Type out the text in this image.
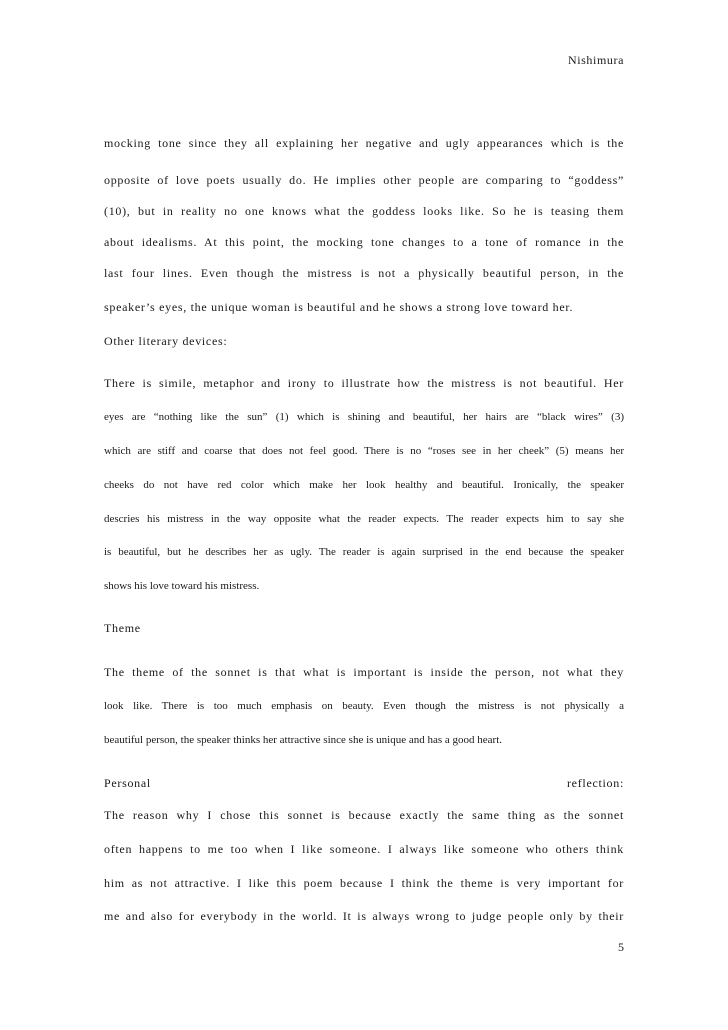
Nishimura
mocking tone since they all explaining her negative and ugly appearances which is the
opposite of love poets usually do. He implies other people are comparing to “goddess”
(10), but in reality no one knows what the goddess looks like. So he is teasing them
about idealisms. At this point, the mocking tone changes to a tone of romance in the
last four lines. Even though the mistress is not a physically beautiful person, in the
speaker’s eyes, the unique woman is beautiful and he shows a strong love toward her.
Other literary devices:
There is simile, metaphor and irony to illustrate how the mistress is not beautiful. Her
eyes are “nothing like the sun” (1) which is shining and beautiful, her hairs are “black wires” (3)
which are stiff and coarse that does not feel good. There is no “roses see in her cheek” (5) means her
cheeks do not have red color which make her look healthy and beautiful. Ironically, the speaker
descries his mistress in the way opposite what the reader expects. The reader expects him to say she
is beautiful, but he describes her as ugly. The reader is again surprised in the end because the speaker
shows his love toward his mistress.
Theme
The theme of the sonnet is that what is important is inside the person, not what they
look like. There is too much emphasis on beauty. Even though the mistress is not physically a
beautiful person, the speaker thinks her attractive since she is unique and has a good heart.
Personal reflection:
The reason why I chose this sonnet is because exactly the same thing as the sonnet
often happens to me too when I like someone. I always like someone who others think
him as not attractive. I like this poem because I think the theme is very important for
me and also for everybody in the world. It is always wrong to judge people only by their
5
